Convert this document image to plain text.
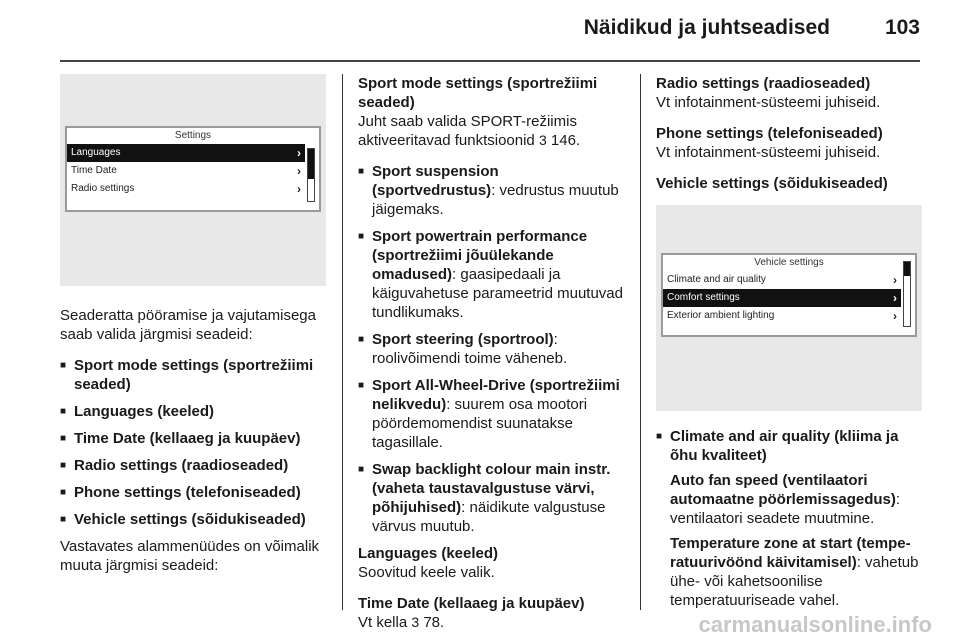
Näidikud ja juhtseadised	103
Settings
Languages	›
Time Date	›
Radio settings	›

Seaderatta pööramise ja vajutamisega saab valida järgmisi seadeid:

■ Sport mode settings (sportrežiimi seaded)
■ Languages (keeled)
■ Time Date (kellaaeg ja kuupäev)
■ Radio settings (raadioseaded)
■ Phone settings (telefoniseaded)
■ Vehicle settings (sõidukiseaded)

Vastavates alammenüüdes on võimalik muuta järgmisi seadeid:

Sport mode settings (sportrežiimi seaded)

Juht saab valida SPORT-režiimis aktiveeritavad funktsioonid 3 146.

■ Sport suspension (sportvedrustus): vedrustus muutub jäigemaks.
■ Sport powertrain performance (sportrežiimi jõuülekande omadused): gaasipedaali ja käiguvahetuse parameetrid muutuvad tundlikumaks.
■ Sport steering (sportrool): roolivõimendi toime väheneb.
■ Sport All-Wheel-Drive (sportrežiimi nelikvedu): suurem osa mootori pöördemomendist suunatakse tagasillale.
■ Swap backlight colour main instr. (vaheta taustavalgustuse värvi, põhijuhised): näidikute valgustuse värvus muutub.
Languages (keeled)

Soovitud keele valik.

Time Date (kellaaeg ja kuupäev)

Vt kella 3 78.

Radio settings (raadioseaded)

Vt infotainment-süsteemi juhiseid.

Phone settings (telefoniseaded)

Vt infotainment-süsteemi juhiseid.

Vehicle settings (sõidukiseaded)
Vehicle settings
Climate and air quality	›
Comfort settings	›
Exterior ambient lighting	›
■ Climate and air quality (kliima ja õhu kvaliteet)
Auto fan speed (ventilaatori automaatne pöörlemissagedus): ventilaatori seadete muutmine.
Temperature zone at start (tempe-ratuurivöönd käivitamisel): vahetub ühe- või kahetsoonilise temperatuuriseade vahel.
carmanualsonline.info
